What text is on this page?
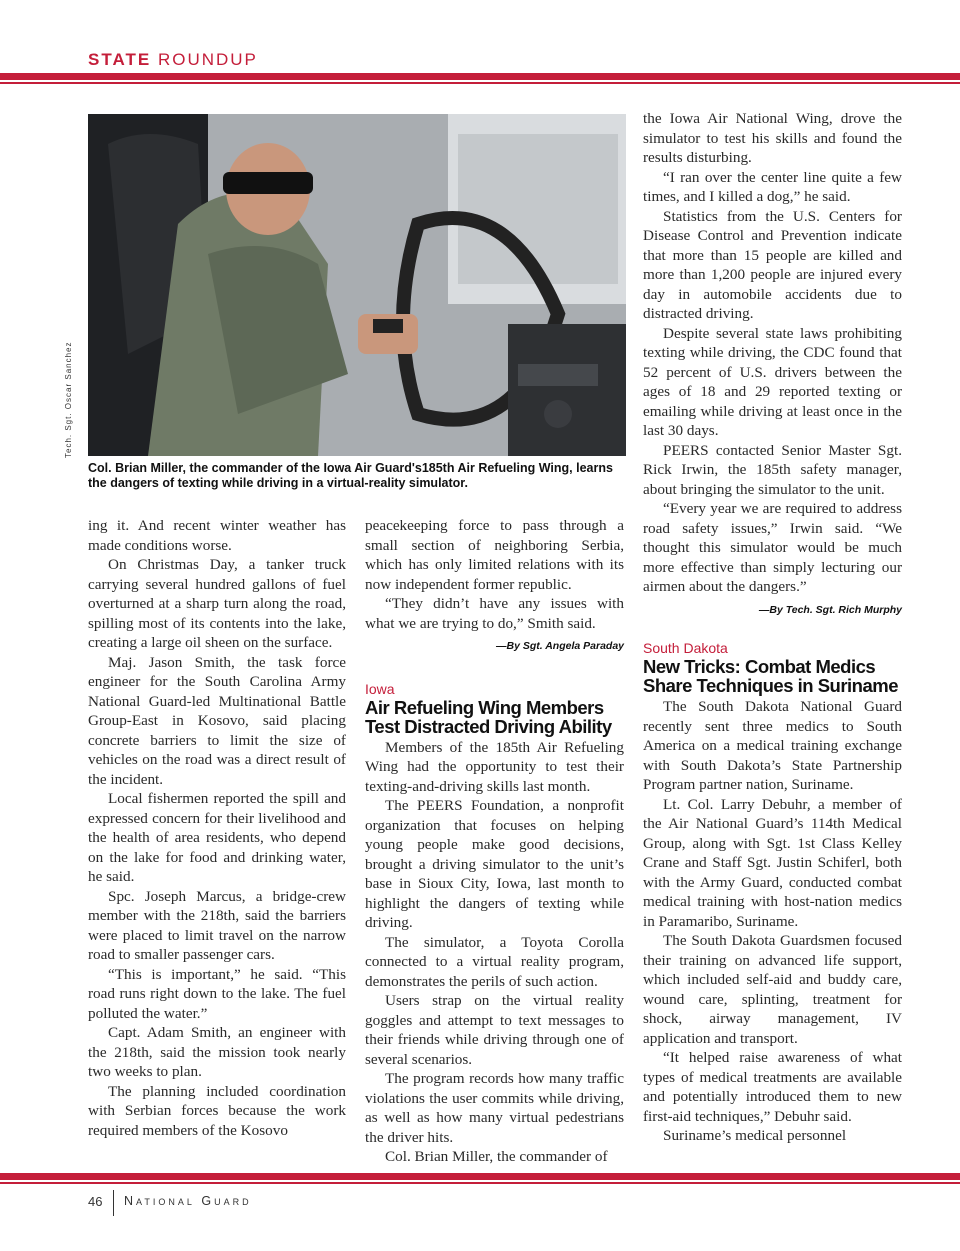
STATE ROUNDUP
Tech. Sgt. Oscar Sanchez
Col. Brian Miller, the commander of the Iowa Air Guard's185th Air Refueling Wing, learns the dangers of texting while driving in a virtual-reality simulator.

ing it. And recent winter weather has made conditions worse.

On Christmas Day, a tanker truck carrying several hundred gallons of fuel overturned at a sharp turn along the road, spilling most of its contents into the lake, creating a large oil sheen on the surface.

Maj. Jason Smith, the task force engineer for the South Carolina Army National Guard-led Multinational Battle Group-East in Kosovo, said placing concrete barriers to limit the size of vehicles on the road was a direct result of the incident.

Local fishermen reported the spill and expressed concern for their livelihood and the health of area residents, who depend on the lake for food and drinking water, he said.

Spc. Joseph Marcus, a bridge-crew member with the 218th, said the barriers were placed to limit travel on the narrow road to smaller passenger cars.

“This is important,” he said. “This road runs right down to the lake. The fuel polluted the water.”

Capt. Adam Smith, an engineer with the 218th, said the mission took nearly two weeks to plan.

The planning included coordination with Serbian forces because the work required members of the Kosovo

peacekeeping force to pass through a small section of neighboring Serbia, which has only limited relations with its now independent former republic.

“They didn’t have any issues with what we are trying to do,” Smith said.

—By Sgt. Angela Paraday
Iowa
Air Refueling Wing Members Test Distracted Driving Ability

Members of the 185th Air Refueling Wing had the opportunity to test their texting-and-driving skills last month.

The PEERS Foundation, a nonprofit organization that focuses on helping young people make good decisions, brought a driving simulator to the unit’s base in Sioux City, Iowa, last month to highlight the dangers of texting while driving.

The simulator, a Toyota Corolla connected to a virtual reality program, demonstrates the perils of such action.

Users strap on the virtual reality goggles and attempt to text messages to their friends while driving through one of several scenarios.

The program records how many traffic violations the user commits while driving, as well as how many virtual pedestrians the driver hits.

Col. Brian Miller, the commander of

the Iowa Air National Wing, drove the simulator to test his skills and found the results disturbing.

“I ran over the center line quite a few times, and I killed a dog,” he said.

Statistics from the U.S. Centers for Disease Control and Prevention indicate that more than 15 people are killed and more than 1,200 people are injured every day in automobile accidents due to distracted driving.

Despite several state laws prohibiting texting while driving, the CDC found that 52 percent of U.S. drivers between the ages of 18 and 29 reported texting or emailing while driving at least once in the last 30 days.

PEERS contacted Senior Master Sgt. Rick Irwin, the 185th safety manager, about bringing the simulator to the unit.

“Every year we are required to address road safety issues,” Irwin said. “We thought this simulator would be much more effective than simply lecturing our airmen about the dangers.”

—By Tech. Sgt. Rich Murphy
South Dakota
New Tricks: Combat Medics Share Techniques in Suriname

The South Dakota National Guard recently sent three medics to South America on a medical training exchange with South Dakota’s State Partnership Program partner nation, Suriname.

Lt. Col. Larry Debuhr, a member of the Air National Guard’s 114th Medical Group, along with Sgt. 1st Class Kelley Crane and Staff Sgt. Justin Schiferl, both with the Army Guard, conducted combat medical training with host-nation medics in Paramaribo, Suriname.

The South Dakota Guardsmen focused their training on advanced life support, which included self-aid and buddy care, wound care, splinting, treatment for shock, airway management, IV application and transport.

“It helped raise awareness of what types of medical treatments are available and potentially introduced them to new first-aid techniques,” Debuhr said.

Suriname’s medical personnel

46 National Guard
